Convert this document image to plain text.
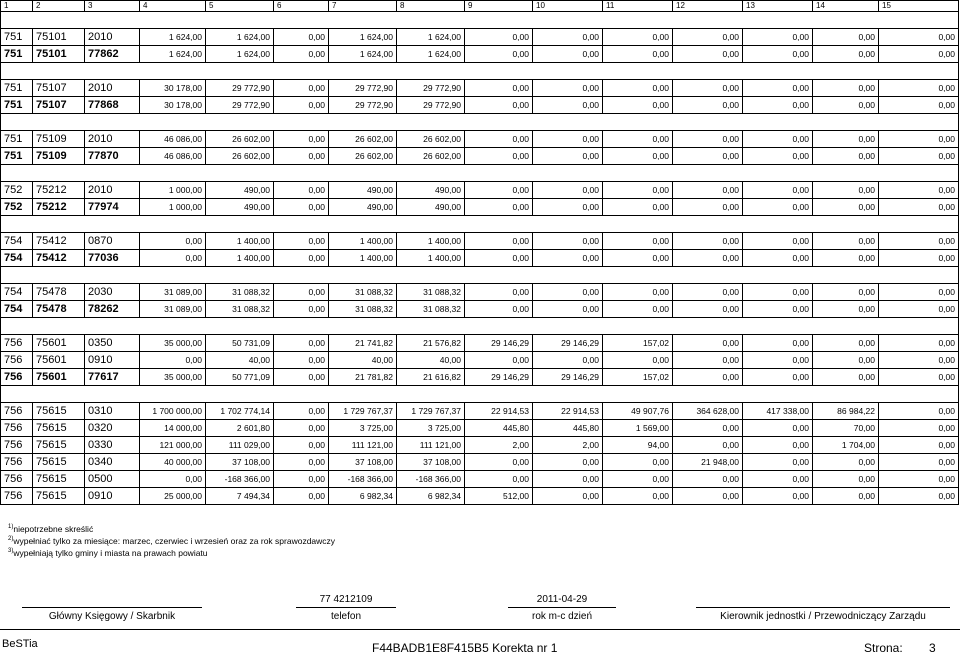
1	2	3	4	5	6	7	8	9	10	11	12	13	14	15

751	75101	2010	1 624,00	1 624,00	0,00	1 624,00	1 624,00	0,00	0,00	0,00	0,00	0,00	0,00	0,00
751	75101	77862	1 624,00	1 624,00	0,00	1 624,00	1 624,00	0,00	0,00	0,00	0,00	0,00	0,00	0,00

751	75107	2010	30 178,00	29 772,90	0,00	29 772,90	29 772,90	0,00	0,00	0,00	0,00	0,00	0,00	0,00
751	75107	77868	30 178,00	29 772,90	0,00	29 772,90	29 772,90	0,00	0,00	0,00	0,00	0,00	0,00	0,00

751	75109	2010	46 086,00	26 602,00	0,00	26 602,00	26 602,00	0,00	0,00	0,00	0,00	0,00	0,00	0,00
751	75109	77870	46 086,00	26 602,00	0,00	26 602,00	26 602,00	0,00	0,00	0,00	0,00	0,00	0,00	0,00

752	75212	2010	1 000,00	490,00	0,00	490,00	490,00	0,00	0,00	0,00	0,00	0,00	0,00	0,00
752	75212	77974	1 000,00	490,00	0,00	490,00	490,00	0,00	0,00	0,00	0,00	0,00	0,00	0,00

754	75412	0870	0,00	1 400,00	0,00	1 400,00	1 400,00	0,00	0,00	0,00	0,00	0,00	0,00	0,00
754	75412	77036	0,00	1 400,00	0,00	1 400,00	1 400,00	0,00	0,00	0,00	0,00	0,00	0,00	0,00

754	75478	2030	31 089,00	31 088,32	0,00	31 088,32	31 088,32	0,00	0,00	0,00	0,00	0,00	0,00	0,00
754	75478	78262	31 089,00	31 088,32	0,00	31 088,32	31 088,32	0,00	0,00	0,00	0,00	0,00	0,00	0,00

756	75601	0350	35 000,00	50 731,09	0,00	21 741,82	21 576,82	29 146,29	29 146,29	157,02	0,00	0,00	0,00	0,00
756	75601	0910	0,00	40,00	0,00	40,00	40,00	0,00	0,00	0,00	0,00	0,00	0,00	0,00
756	75601	77617	35 000,00	50 771,09	0,00	21 781,82	21 616,82	29 146,29	29 146,29	157,02	0,00	0,00	0,00	0,00

756	75615	0310	1 700 000,00	1 702 774,14	0,00	1 729 767,37	1 729 767,37	22 914,53	22 914,53	49 907,76	364 628,00	417 338,00	86 984,22	0,00
756	75615	0320	14 000,00	2 601,80	0,00	3 725,00	3 725,00	445,80	445,80	1 569,00	0,00	0,00	70,00	0,00
756	75615	0330	121 000,00	111 029,00	0,00	111 121,00	111 121,00	2,00	2,00	94,00	0,00	0,00	1 704,00	0,00
756	75615	0340	40 000,00	37 108,00	0,00	37 108,00	37 108,00	0,00	0,00	0,00	21 948,00	0,00	0,00	0,00
756	75615	0500	0,00	-168 366,00	0,00	-168 366,00	-168 366,00	0,00	0,00	0,00	0,00	0,00	0,00	0,00
756	75615	0910	25 000,00	7 494,34	0,00	6 982,34	6 982,34	512,00	0,00	0,00	0,00	0,00	0,00	0,00
$^{1)}$niepotrzebne skreślić
$^{2)}$wypełniać tylko za miesiące: marzec, czerwiec i wrzesień oraz za rok sprawozdawczy
$^{3)}$wypełniają tylko gminy i miasta na prawach powiatu
77 4212109	2011-04-29
Główny Księgowy / Skarbnik	telefon	rok m-c dzień	Kierownik jednostki / Przewodniczący Zarządu
BeSTia	F44BADB1E8F415B5 Korekta nr 1	Strona: 3
